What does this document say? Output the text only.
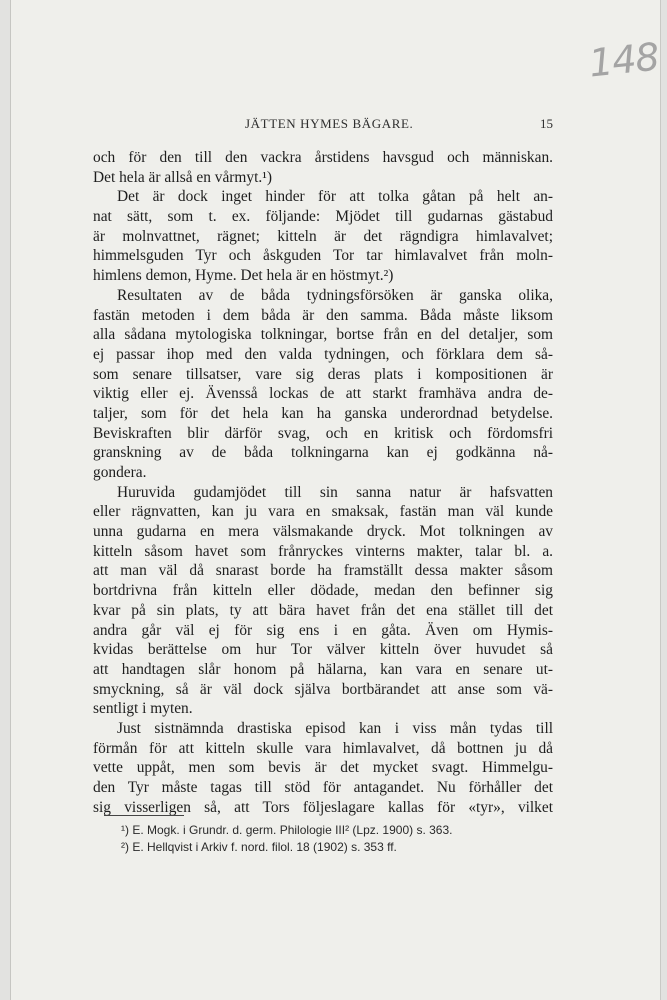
148
JÄTTEN HYMES BÄGARE.	15
och för den till den vackra årstidens havsgud och människan.
Det hela är allså en vårmyt.¹)
Det är dock inget hinder för att tolka gåtan på helt an-
nat sätt, som t. ex. följande: Mjödet till gudarnas gästabud
är molnvattnet, rägnet; kitteln är det rägndigra himlavalvet;
himmelsguden Tyr och åskguden Tor tar himlavalvet från moln-
himlens demon, Hyme. Det hela är en höstmyt.²)
Resultaten av de båda tydningsförsöken är ganska olika,
fastän metoden i dem båda är den samma. Båda måste liksom
alla sådana mytologiska tolkningar, bortse från en del detaljer, som
ej passar ihop med den valda tydningen, och förklara dem så-
som senare tillsatser, vare sig deras plats i kompositionen är
viktig eller ej. Ävensså lockas de att starkt framhäva andra de-
taljer, som för det hela kan ha ganska underordnad betydelse.
Beviskraften blir därför svag, och en kritisk och fördomsfri
granskning av de båda tolkningarna kan ej godkänna nå-
gondera.
Huruvida gudamjödet till sin sanna natur är hafsvatten
eller rägnvatten, kan ju vara en smaksak, fastän man väl kunde
unna gudarna en mera välsmakande dryck. Mot tolkningen av
kitteln såsom havet som frånryckes vinterns makter, talar bl. a.
att man väl då snarast borde ha framställt dessa makter såsom
bortdrivna från kitteln eller dödade, medan den befinner sig
kvar på sin plats, ty att bära havet från det ena stället till det
andra går väl ej för sig ens i en gåta. Även om Hymis-
kvidas berättelse om hur Tor välver kitteln över huvudet så
att handtagen slår honom på hälarna, kan vara en senare ut-
smyckning, så är väl dock själva bortbärandet att anse som vä-
sentligt i myten.
Just sistnämnda drastiska episod kan i viss mån tydas till
förmån för att kitteln skulle vara himlavalvet, då bottnen ju då
vette uppåt, men som bevis är det mycket svagt. Himmelgu-
den Tyr måste tagas till stöd för antagandet. Nu förhåller det
sig visserligen så, att Tors följeslagare kallas för «tyr», vilket
¹) E. Mogk. i Grundr. d. germ. Philologie III² (Lpz. 1900) s. 363.
²) E. Hellqvist i Arkiv f. nord. filol. 18 (1902) s. 353 ff.
